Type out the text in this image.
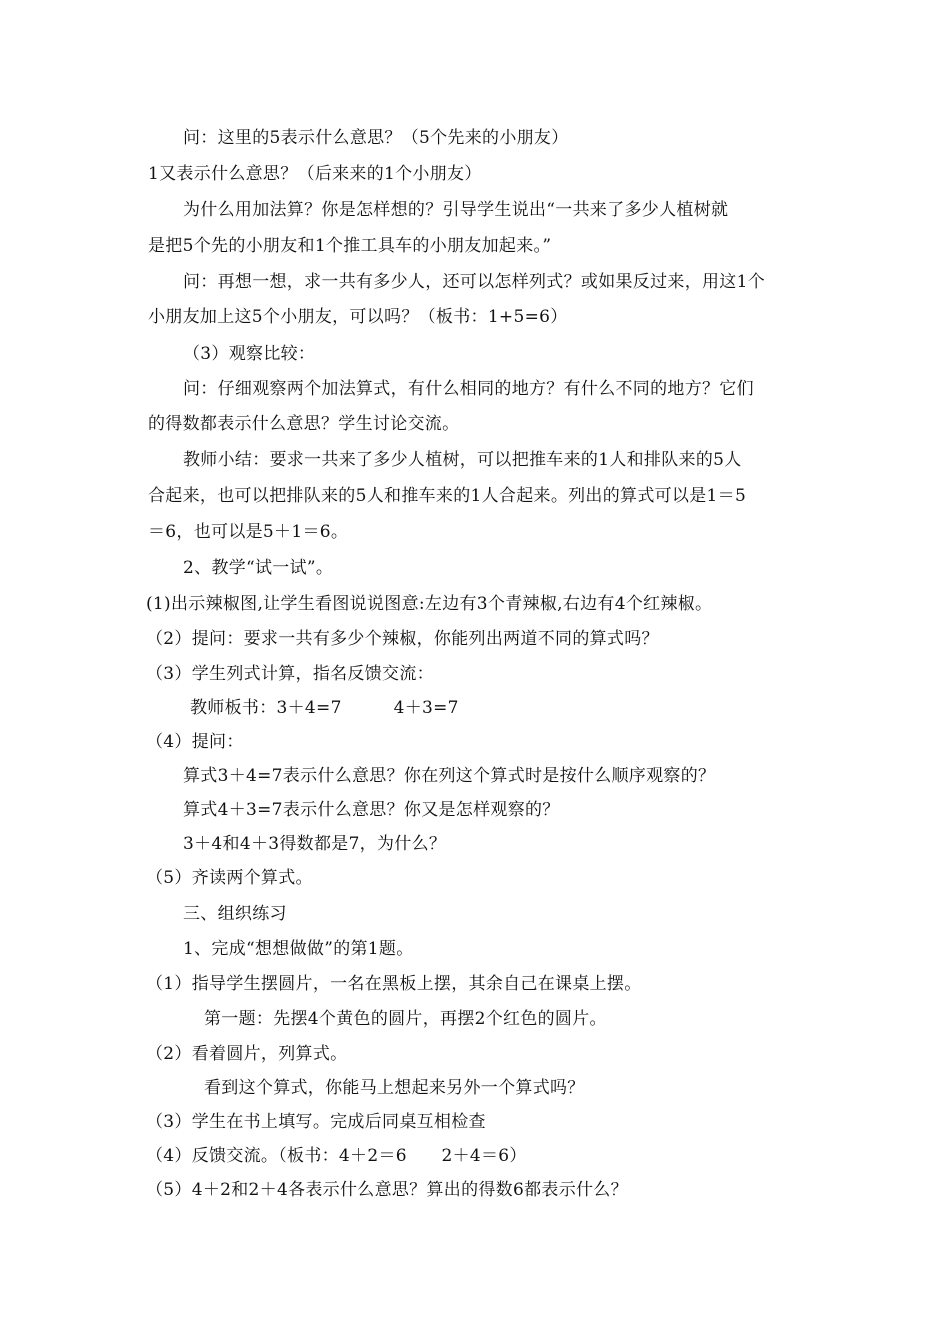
问：这里的5表示什么意思？（5个先来的小朋友）
1又表示什么意思？（后来来的1个小朋友）
为什么用加法算？你是怎样想的？引导学生说出“一共来了多少人植树就
是把5个先的小朋友和1个推工具车的小朋友加起来。”
问：再想一想，求一共有多少人，还可以怎样列式？或如果反过来，用这1个
小朋友加上这5个小朋友，可以吗？（板书：1+5=6）
（3）观察比较：
问：仔细观察两个加法算式，有什么相同的地方？有什么不同的地方？它们
的得数都表示什么意思？学生讨论交流。
教师小结：要求一共来了多少人植树，可以把推车来的1人和排队来的5人
合起来，也可以把排队来的5人和推车来的1人合起来。列出的算式可以是1＝5
＝6，也可以是5＋1＝6。
2、教学“试一试”。
(1)出示辣椒图,让学生看图说说图意:左边有3个青辣椒,右边有4个红辣椒。
（2）提问：要求一共有多少个辣椒，你能列出两道不同的算式吗？
（3）学生列式计算，指名反馈交流：
教师板书：3＋4=7　　　4＋3=7
（4）提问：
算式3＋4=7表示什么意思？你在列这个算式时是按什么顺序观察的？
算式4＋3=7表示什么意思？你又是怎样观察的？
3＋4和4＋3得数都是7，为什么？
（5）齐读两个算式。
三、组织练习
1、完成“想想做做”的第1题。
（1）指导学生摆圆片，一名在黑板上摆，其余自己在课桌上摆。
第一题：先摆4个黄色的圆片，再摆2个红色的圆片。
（2）看着圆片，列算式。
看到这个算式，你能马上想起来另外一个算式吗？
（3）学生在书上填写。完成后同桌互相检查
（4）反馈交流。（板书：4＋2＝6　　2＋4＝6）
（5）4＋2和2＋4各表示什么意思？算出的得数6都表示什么？
